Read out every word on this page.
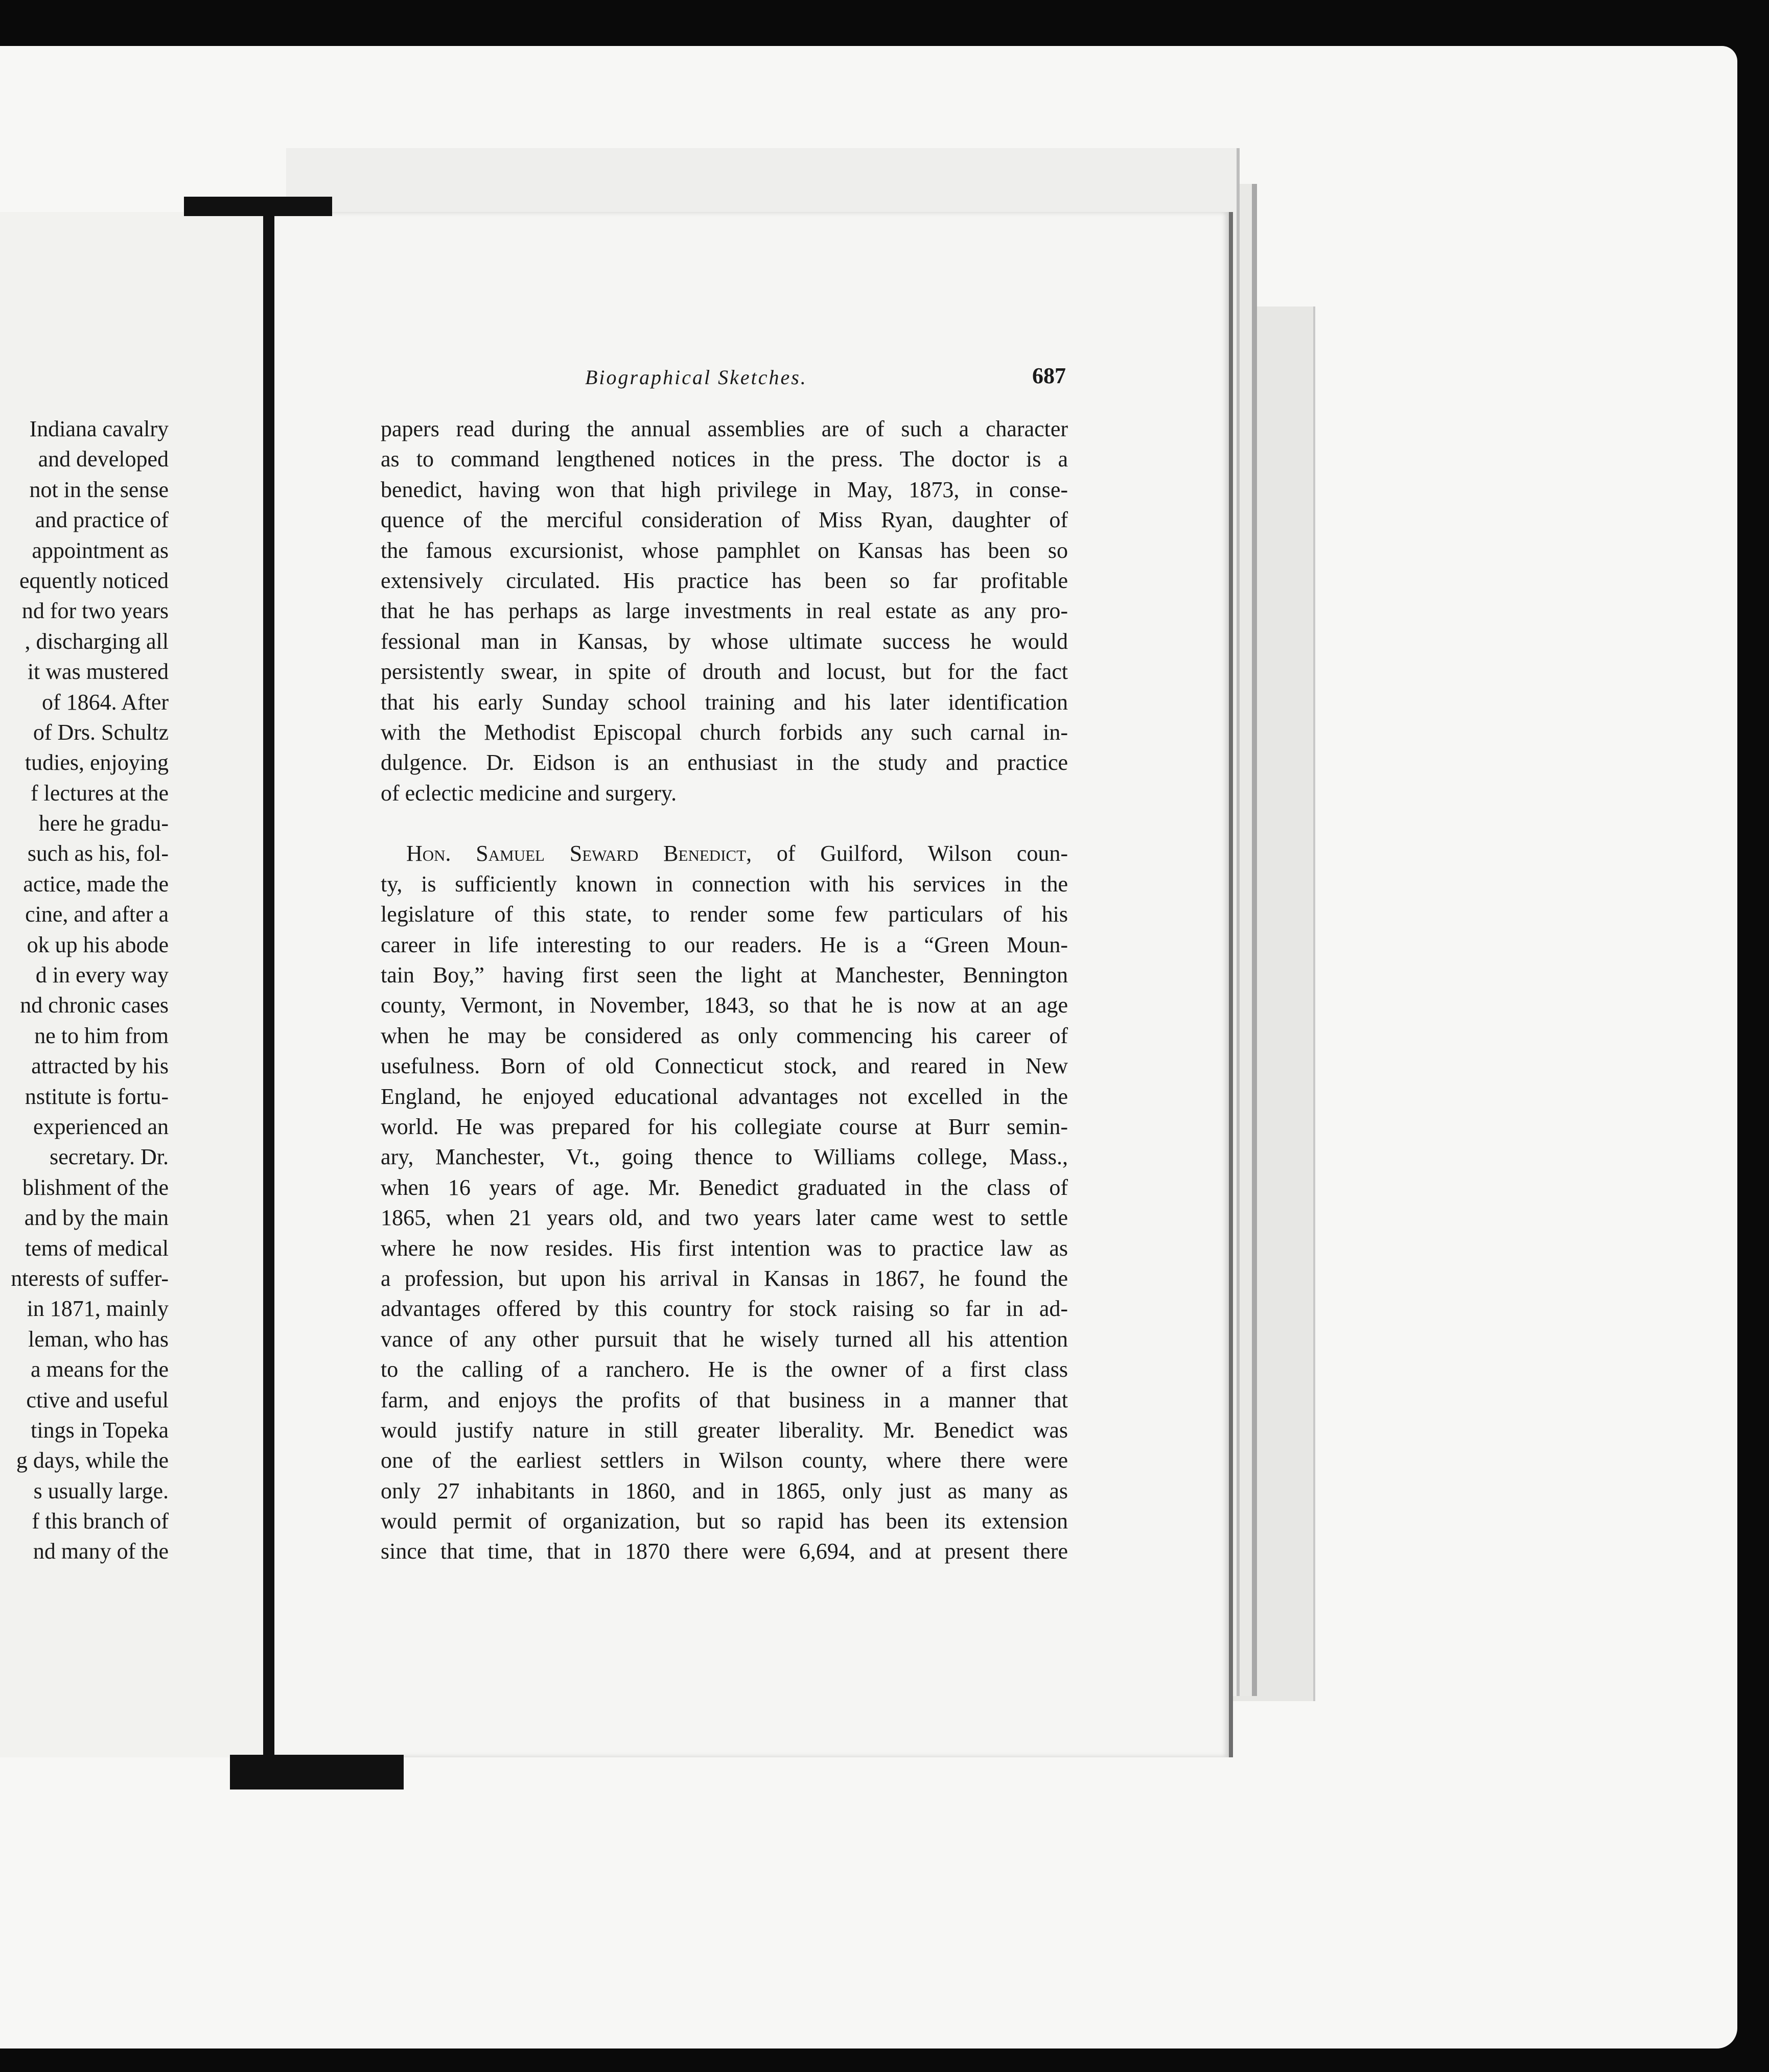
Indiana cavalry
and developed
not in the sense
and practice of
appointment as
equently noticed
nd for two years
, discharging all
it was mustered
of 1864. After
of Drs. Schultz
tudies, enjoying
f lectures at the
here he gradu-
such as his, fol-
actice, made the
cine, and after a
ok up his abode
d in every way
nd chronic cases
ne to him from
attracted by his
nstitute is fortu-
experienced an
secretary. Dr.
blishment of the
and by the main
tems of medical
nterests of suffer-
in 1871, mainly
leman, who has
a means for the
ctive and useful
tings in Topeka
g days, while the
s usually large.
f this branch of
nd many of the
Biographical Sketches.	687
papers read during the annual assemblies are of such a character
as to command lengthened notices in the press. The doctor is a
benedict, having won that high privilege in May, 1873, in conse-
quence of the merciful consideration of Miss Ryan, daughter of
the famous excursionist, whose pamphlet on Kansas has been so
extensively circulated. His practice has been so far profitable
that he has perhaps as large investments in real estate as any pro-
fessional man in Kansas, by whose ultimate success he would
persistently swear, in spite of drouth and locust, but for the fact
that his early Sunday school training and his later identification
with the Methodist Episcopal church forbids any such carnal in-
dulgence. Dr. Eidson is an enthusiast in the study and practice
of eclectic medicine and surgery.
Hon. Samuel Seward Benedict, of Guilford, Wilson coun-
ty, is sufficiently known in connection with his services in the
legislature of this state, to render some few particulars of his
career in life interesting to our readers. He is a “Green Moun-
tain Boy,” having first seen the light at Manchester, Bennington
county, Vermont, in November, 1843, so that he is now at an age
when he may be considered as only commencing his career of
usefulness. Born of old Connecticut stock, and reared in New
England, he enjoyed educational advantages not excelled in the
world. He was prepared for his collegiate course at Burr semin-
ary, Manchester, Vt., going thence to Williams college, Mass.,
when 16 years of age. Mr. Benedict graduated in the class of
1865, when 21 years old, and two years later came west to settle
where he now resides. His first intention was to practice law as
a profession, but upon his arrival in Kansas in 1867, he found the
advantages offered by this country for stock raising so far in ad-
vance of any other pursuit that he wisely turned all his attention
to the calling of a ranchero. He is the owner of a first class
farm, and enjoys the profits of that business in a manner that
would justify nature in still greater liberality. Mr. Benedict was
one of the earliest settlers in Wilson county, where there were
only 27 inhabitants in 1860, and in 1865, only just as many as
would permit of organization, but so rapid has been its extension
since that time, that in 1870 there were 6,694, and at present there
